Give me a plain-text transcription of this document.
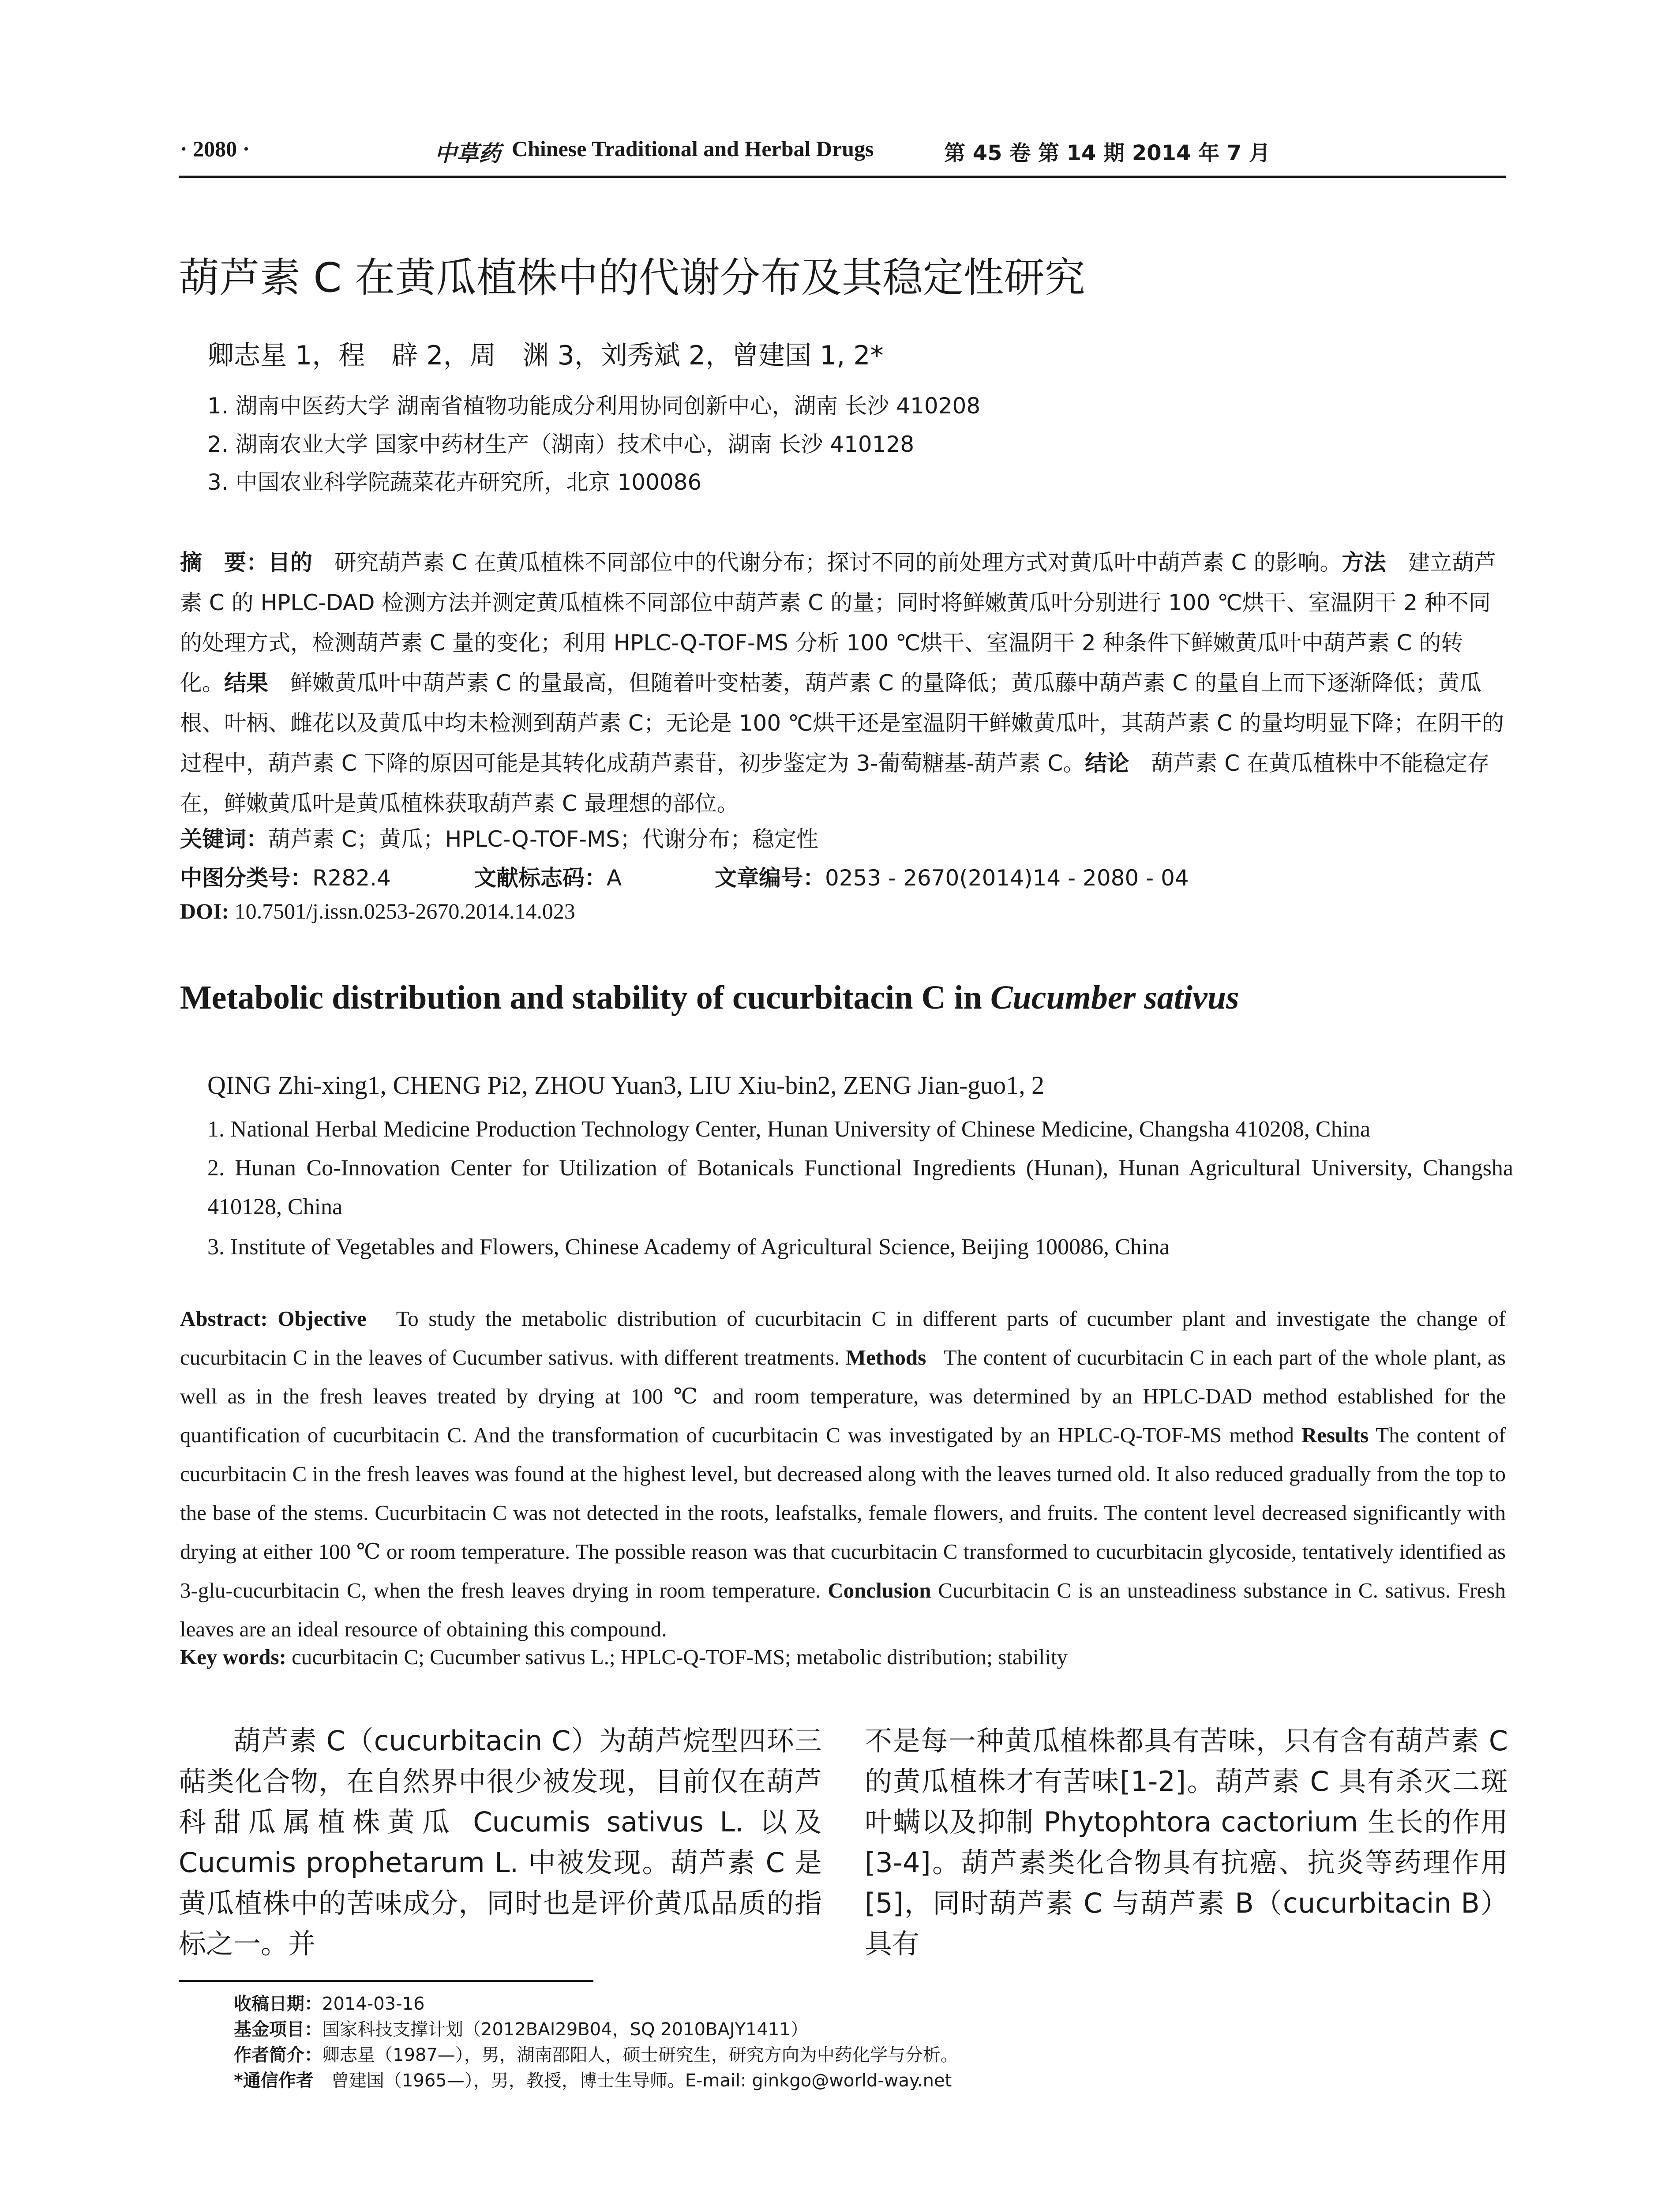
· 2080 ·	中草药 Chinese Traditional and Herbal Drugs	第 45 卷 第 14 期 2014 年 7 月
葫芦素 C 在黄瓜植株中的代谢分布及其稳定性研究
卿志星 1，程　辟 2，周　渊 3，刘秀斌 2，曾建国 1, 2*
1. 湖南中医药大学 湖南省植物功能成分利用协同创新中心，湖南 长沙 410208
2. 湖南农业大学 国家中药材生产（湖南）技术中心，湖南 长沙 410128
3. 中国农业科学院蔬菜花卉研究所，北京 100086
摘　要：目的　 研究葫芦素 C 在黄瓜植株不同部位中的代谢分布；探讨不同的前处理方式对黄瓜叶中葫芦素 C 的影响。方法　 建立葫芦素 C 的 HPLC-DAD 检测方法并测定黄瓜植株不同部位中葫芦素 C 的量；同时将鲜嫩黄瓜叶分别进行 100 ℃烘干、室温阴干 2 种不同的处理方式，检测葫芦素 C 量的变化；利用 HPLC-Q-TOF-MS 分析 100 ℃烘干、室温阴干 2 种条件下鲜嫩黄瓜叶中葫芦素 C 的转化。结果　 鲜嫩黄瓜叶中葫芦素 C 的量最高，但随着叶变枯萎，葫芦素 C 的量降低；黄瓜藤中葫芦素 C 的量自上而下逐渐降低；黄瓜根、叶柄、雌花以及黄瓜中均未检测到葫芦素 C；无论是 100 ℃烘干还是室温阴干鲜嫩黄瓜叶，其葫芦素 C 的量均明显下降；在阴干的过程中，葫芦素 C 下降的原因可能是其转化成葫芦素苷，初步鉴定为 3-葡萄糖基-葫芦素 C。结论　 葫芦素 C 在黄瓜植株中不能稳定存在，鲜嫩黄瓜叶是黄瓜植株获取葫芦素 C 最理想的部位。
关键词：葫芦素 C；黄瓜；HPLC-Q-TOF-MS；代谢分布；稳定性
中图分类号：R282.4	文献标志码：A	文章编号：0253 - 2670(2014)14 - 2080 - 04
DOI: 10.7501/j.issn.0253-2670.2014.14.023
Metabolic distribution and stability of cucurbitacin C in Cucumber sativus
QING Zhi-xing1, CHENG Pi2, ZHOU Yuan3, LIU Xiu-bin2, ZENG Jian-guo1, 2
1. National Herbal Medicine Production Technology Center, Hunan University of Chinese Medicine, Changsha 410208, China
2. Hunan Co-Innovation Center for Utilization of Botanicals Functional Ingredients (Hunan), Hunan Agricultural University, Changsha 410128, China
3. Institute of Vegetables and Flowers, Chinese Academy of Agricultural Science, Beijing 100086, China
Abstract: Objective To study the metabolic distribution of cucurbitacin C in different parts of cucumber plant and investigate the change of cucurbitacin C in the leaves of Cucumber sativus. with different treatments. Methods The content of cucurbitacin C in each part of the whole plant, as well as in the fresh leaves treated by drying at 100 ℃ and room temperature, was determined by an HPLC-DAD method established for the quantification of cucurbitacin C. And the transformation of cucurbitacin C was investigated by an HPLC-Q-TOF-MS method Results The content of cucurbitacin C in the fresh leaves was found at the highest level, but decreased along with the leaves turned old. It also reduced gradually from the top to the base of the stems. Cucurbitacin C was not detected in the roots, leafstalks, female flowers, and fruits. The content level decreased significantly with drying at either 100 ℃ or room temperature. The possible reason was that cucurbitacin C transformed to cucurbitacin glycoside, tentatively identified as 3-glu-cucurbitacin C, when the fresh leaves drying in room temperature. Conclusion Cucurbitacin C is an unsteadiness substance in C. sativus. Fresh leaves are an ideal resource of obtaining this compound.
Key words: cucurbitacin C; Cucumber sativus L.; HPLC-Q-TOF-MS; metabolic distribution; stability
葫芦素 C（cucurbitacin C）为葫芦烷型四环三萜类化合物，在自然界中很少被发现，目前仅在葫芦科甜瓜属植株黄瓜 Cucumis sativus L. 以及 Cucumis prophetarum L. 中被发现。葫芦素 C 是黄瓜植株中的苦味成分，同时也是评价黄瓜品质的指标之一。并
不是每一种黄瓜植株都具有苦味，只有含有葫芦素 C 的黄瓜植株才有苦味[1-2]。葫芦素 C 具有杀灭二斑叶螨以及抑制 Phytophtora cactorium 生长的作用[3-4]。葫芦素类化合物具有抗癌、抗炎等药理作用[5]，同时葫芦素 C 与葫芦素 B（cucurbitacin B）具有
收稿日期：2014-03-16
基金项目：国家科技支撑计划（2012BAI29B04，SQ 2010BAJY1411）
作者简介：卿志星（1987—），男，湖南邵阳人，硕士研究生，研究方向为中药化学与分析。
*通信作者　 曾建国（1965—），男，教授，博士生导师。E-mail: ginkgo@world-way.net
